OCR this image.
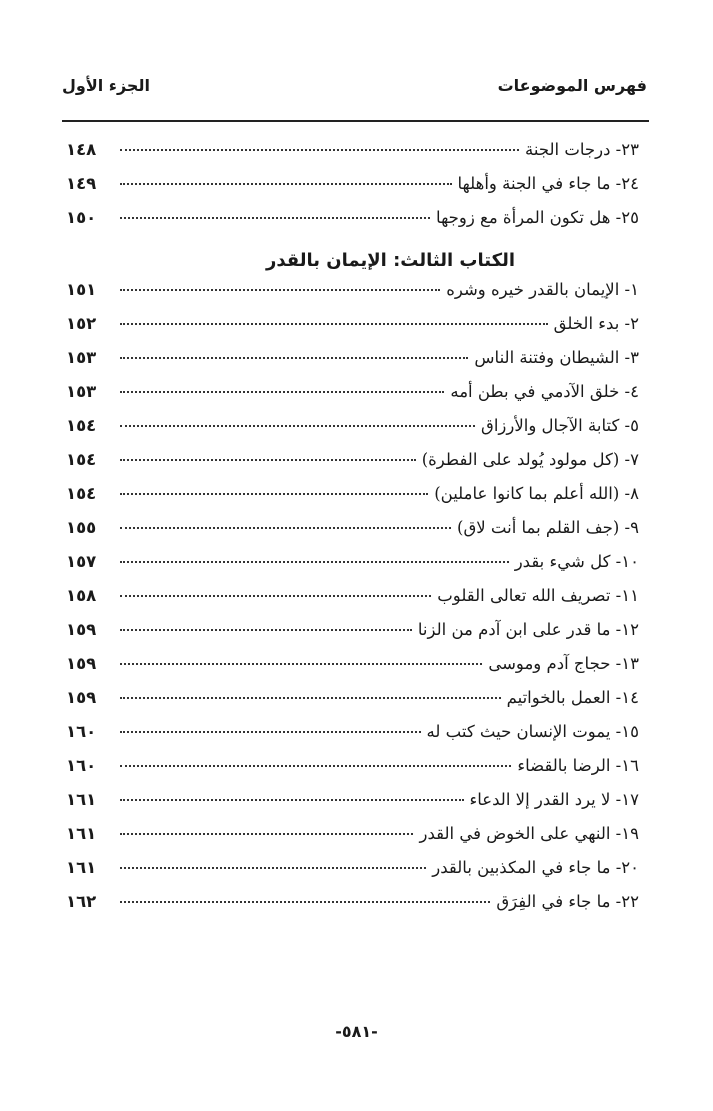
فهرس الموضوعات
الجزء الأول
٢٣- درجات الجنة
١٤٨
٢٤- ما جاء في الجنة وأهلها
١٤٩
٢٥- هل تكون المرأة مع زوجها
١٥٠
الكتاب الثالث: الإيمان بالقدر
١- الإيمان بالقدر خيره وشره
١٥١
٢- بدء الخلق
١٥٢
٣- الشيطان وفتنة الناس
١٥٣
٤- خلق الآدمي في بطن أمه
١٥٣
٥- كتابة الآجال والأرزاق
١٥٤
٧- (كل مولود يُولد على الفطرة)
١٥٤
٨- (الله أعلم بما كانوا عاملين)
١٥٤
٩- (جف القلم بما أنت لاق)
١٥٥
١٠- كل شيء بقدر
١٥٧
١١- تصريف الله تعالى القلوب
١٥٨
١٢- ما قدر على ابن آدم من الزنا
١٥٩
١٣- حجاج آدم وموسى
١٥٩
١٤- العمل بالخواتيم
١٥٩
١٥- يموت الإنسان حيث كتب له
١٦٠
١٦- الرضا بالقضاء
١٦٠
١٧- لا يرد القدر إلا الدعاء
١٦١
١٩- النهي على الخوض في القدر
١٦١
٢٠- ما جاء في المكذبين بالقدر
١٦١
٢٢- ما جاء في الفِرَق
١٦٢
-٥٨١-
